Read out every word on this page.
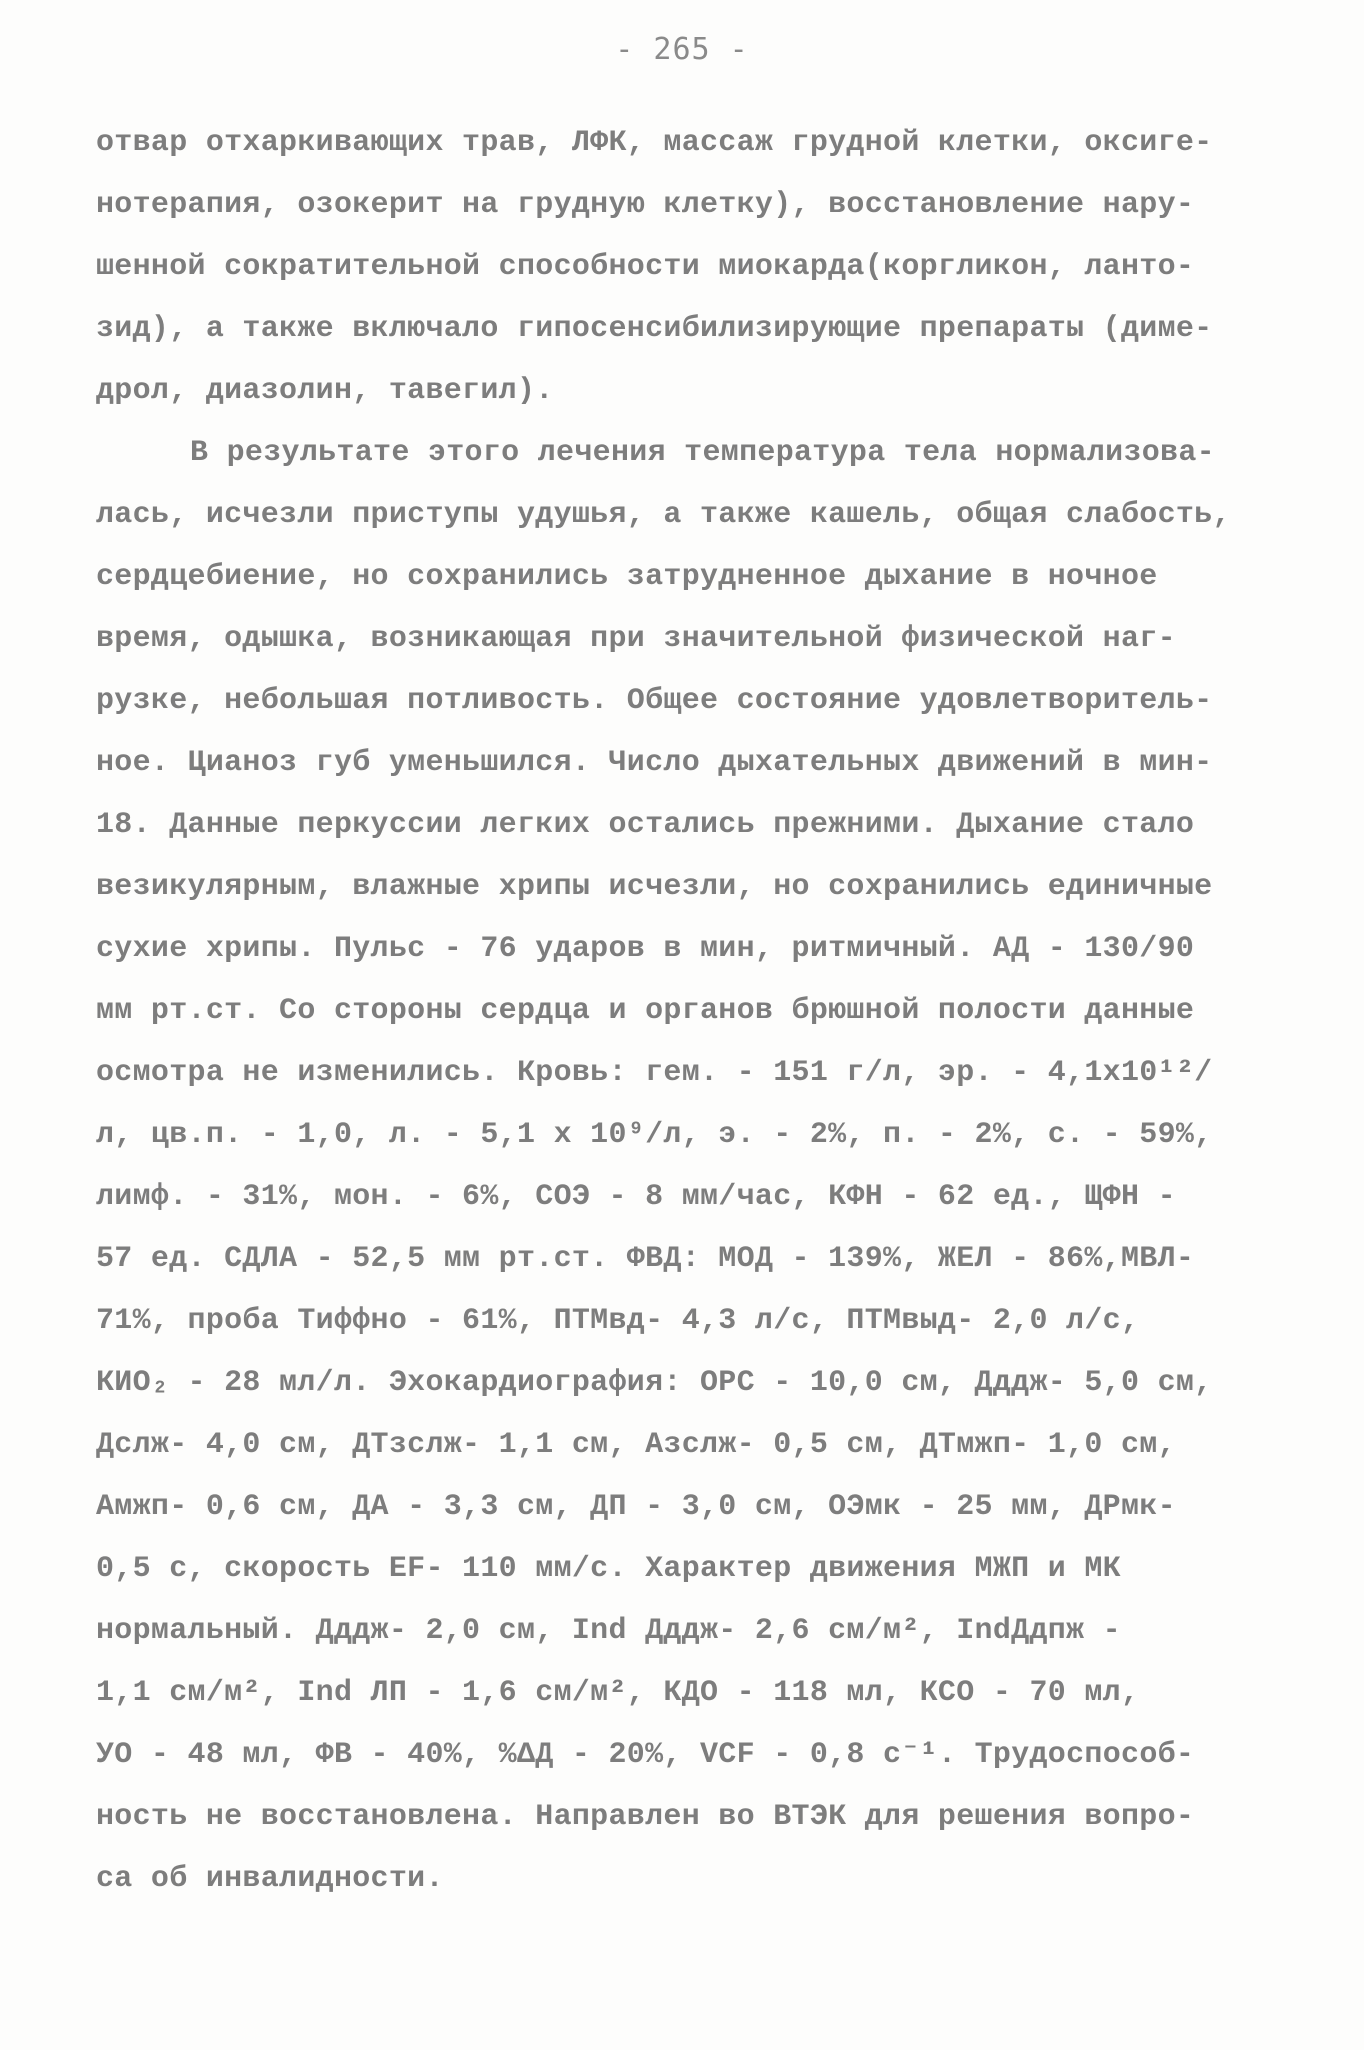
- 265 -
отвар отхаркивающих трав, ЛФК, массаж грудной клетки, оксиге-
нотерапия, озокерит на грудную клетку), восстановление нару-
шенной сократительной способности миокарда(коргликон, ланто-
зид), а также включало гипосенсибилизирующие препараты (диме-
дрол, диазолин, тавегил).
В результате этого лечения температура тела нормализова-
лась, исчезли приступы удушья, а также кашель, общая слабость,
сердцебиение, но сохранились затрудненное дыхание в ночное
время, одышка, возникающая при значительной физической наг-
рузке, небольшая потливость. Общее состояние удовлетворитель-
ное. Цианоз губ уменьшился. Число дыхательных движений в мин-
18. Данные перкуссии легких остались прежними. Дыхание стало
везикулярным, влажные хрипы исчезли, но сохранились единичные
сухие хрипы. Пульс - 76 ударов в мин, ритмичный. АД - 130/90
мм рт.ст. Со стороны сердца и органов брюшной полости данные
осмотра не изменились. Кровь: гем. - 151 г/л, эр. - 4,1х10¹²/
л, цв.п. - 1,0, л. - 5,1 х 10⁹/л, э. - 2%, п. - 2%, с. - 59%,
лимф. - 31%, мон. - 6%, СОЭ - 8 мм/час, КФН - 62 ед., ЩФН -
57 ед. СДЛА - 52,5 мм рт.ст. ФВД: МОД - 139%, ЖЕЛ - 86%,МВЛ-
71%, проба Тиффно - 61%, ПТМвд- 4,3 л/с, ПТМвыд- 2,0 л/с,
КИО₂ - 28 мл/л. Эхокардиография: ОРС - 10,0 см, Дддж- 5,0 см,
Дслж- 4,0 см, ДТзслж- 1,1 см, Азслж- 0,5 см, ДТмжп- 1,0 см,
Амжп- 0,6 см, ДА - 3,3 см, ДП - 3,0 см, ОЭмк - 25 мм, ДРмк-
0,5 с, скорость EF- 110 мм/с. Характер движения МЖП и МК
нормальный. Дддж- 2,0 см, Ind Дддж- 2,6 см/м², IndДдпж -
1,1 см/м², Ind ЛП - 1,6 см/м², КДО - 118 мл, КСО - 70 мл,
УО - 48 мл, ФВ - 40%, %ΔД - 20%, VCF - 0,8 с⁻¹. Трудоспособ-
ность не восстановлена. Направлен во ВТЭК для решения вопро-
са об инвалидности.
